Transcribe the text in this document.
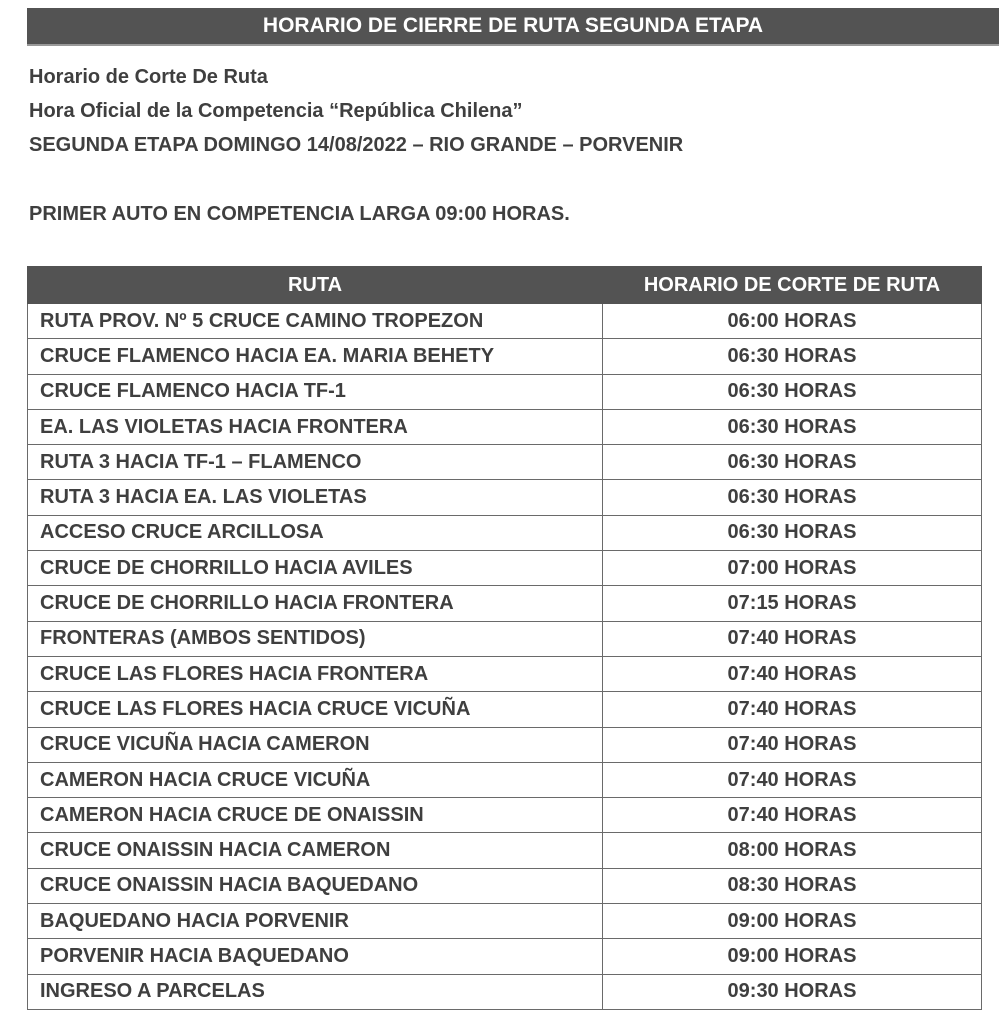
HORARIO DE CIERRE DE RUTA SEGUNDA ETAPA
Horario de Corte De Ruta
Hora Oficial de la Competencia “República Chilena”
SEGUNDA ETAPA DOMINGO 14/08/2022 – RIO GRANDE – PORVENIR
PRIMER AUTO EN COMPETENCIA LARGA 09:00 HORAS.
RUTA	HORARIO DE CORTE DE RUTA
RUTA PROV. Nº 5 CRUCE CAMINO TROPEZON	06:00 HORAS
CRUCE FLAMENCO HACIA EA. MARIA BEHETY	06:30 HORAS
CRUCE FLAMENCO HACIA TF-1	06:30 HORAS
EA. LAS VIOLETAS HACIA FRONTERA	06:30 HORAS
RUTA 3 HACIA TF-1 – FLAMENCO	06:30 HORAS
RUTA 3 HACIA EA. LAS VIOLETAS	06:30 HORAS
ACCESO CRUCE ARCILLOSA	06:30 HORAS
CRUCE DE CHORRILLO HACIA AVILES	07:00 HORAS
CRUCE DE CHORRILLO HACIA FRONTERA	07:15 HORAS
FRONTERAS (AMBOS SENTIDOS)	07:40 HORAS
CRUCE LAS FLORES HACIA FRONTERA	07:40 HORAS
CRUCE LAS FLORES HACIA CRUCE VICUÑA	07:40 HORAS
CRUCE VICUÑA HACIA CAMERON	07:40 HORAS
CAMERON HACIA CRUCE VICUÑA	07:40 HORAS
CAMERON HACIA CRUCE DE ONAISSIN	07:40 HORAS
CRUCE ONAISSIN HACIA CAMERON	08:00 HORAS
CRUCE ONAISSIN HACIA BAQUEDANO	08:30 HORAS
BAQUEDANO HACIA PORVENIR	09:00 HORAS
PORVENIR HACIA BAQUEDANO	09:00 HORAS
INGRESO A PARCELAS	09:30 HORAS
